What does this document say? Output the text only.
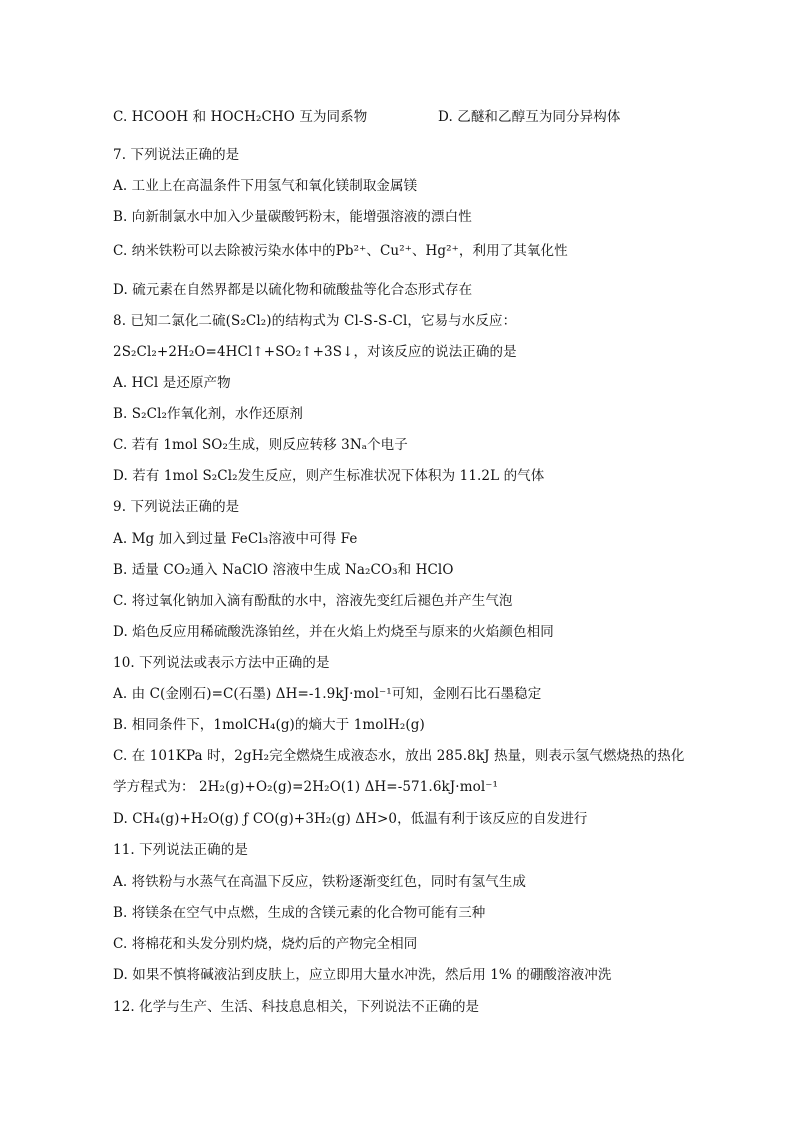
C. HCOOH 和 HOCH₂CHO 互为同系物	D. 乙醚和乙醇互为同分异构体
7. 下列说法正确的是
A. 工业上在高温条件下用氢气和氧化镁制取金属镁
B. 向新制氯水中加入少量碳酸钙粉末，能增强溶液的漂白性
C. 纳米铁粉可以去除被污染水体中的Pb²⁺、Cu²⁺、Hg²⁺，利用了其氧化性
D. 硫元素在自然界都是以硫化物和硫酸盐等化合态形式存在
8. 已知二氯化二硫(S₂Cl₂)的结构式为 Cl-S-S-Cl，它易与水反应：
2S₂Cl₂+2H₂O=4HCl↑+SO₂↑+3S↓，对该反应的说法正确的是
A. HCl 是还原产物
B. S₂Cl₂作氧化剂，水作还原剂
C. 若有 1mol SO₂生成，则反应转移 3Nₐ个电子
D. 若有 1mol S₂Cl₂发生反应，则产生标准状况下体积为 11.2L 的气体
9. 下列说法正确的是
A. Mg 加入到过量 FeCl₃溶液中可得 Fe
B. 适量 CO₂通入 NaClO 溶液中生成 Na₂CO₃和 HClO
C. 将过氧化钠加入滴有酚酞的水中，溶液先变红后褪色并产生气泡
D. 焰色反应用稀硫酸洗涤铂丝，并在火焰上灼烧至与原来的火焰颜色相同
10. 下列说法或表示方法中正确的是
A. 由 C(金刚石)=C(石墨) ΔH=-1.9kJ·mol⁻¹可知，金刚石比石墨稳定
B. 相同条件下，1molCH₄(g)的熵大于 1molH₂(g)
C. 在 101KPa 时，2gH₂完全燃烧生成液态水，放出 285.8kJ 热量，则表示氢气燃烧热的热化
学方程式为： 2H₂(g)+O₂(g)=2H₂O(1) ΔH=-571.6kJ·mol⁻¹
D. CH₄(g)+H₂O(g) ƒ CO(g)+3H₂(g) ΔH>0，低温有利于该反应的自发进行
11. 下列说法正确的是
A. 将铁粉与水蒸气在高温下反应，铁粉逐渐变红色，同时有氢气生成
B. 将镁条在空气中点燃，生成的含镁元素的化合物可能有三种
C. 将棉花和头发分别灼烧，烧灼后的产物完全相同
D. 如果不慎将碱液沾到皮肤上，应立即用大量水冲洗，然后用 1% 的硼酸溶液冲洗
12. 化学与生产、生活、科技息息相关，下列说法不正确的是
